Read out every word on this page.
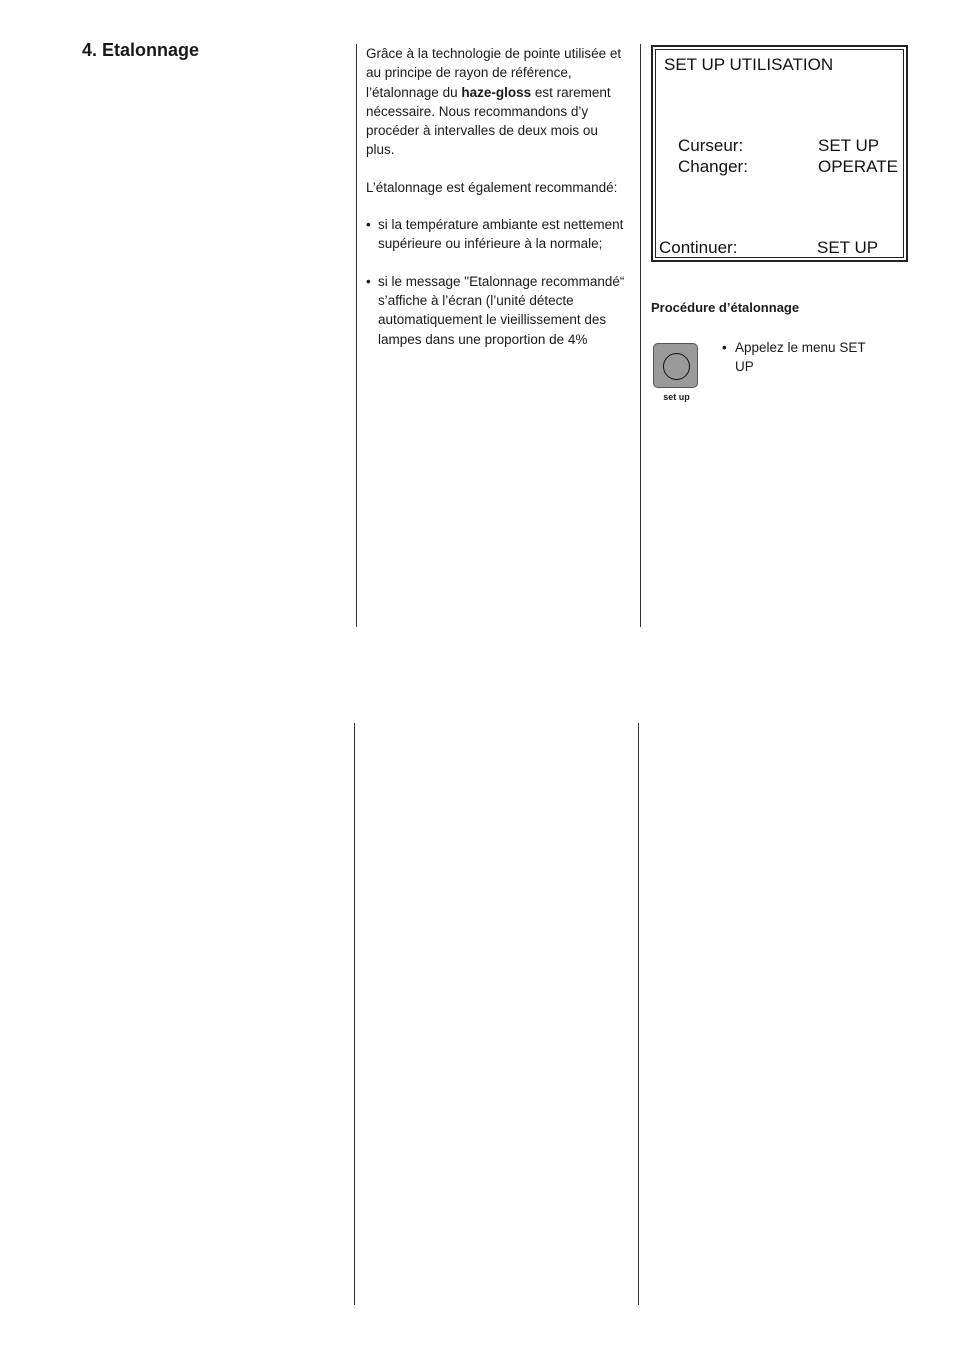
4. Etalonnage	Grâce à la technologie de pointe utilisée et au principe de rayon de référence, l’étalonnage du haze-gloss est rarement nécessaire. Nous recommandons d’y procéder à intervalles de deux mois ou plus.

L’étalonnage est également recommandé:

• si la température ambiante est nettement supérieure ou inférieure à la normale;
• si le message "Etalonnage recommandé“ s’affiche à l’écran (l’unité détecte automatiquement le vieillissement des lampes dans une proportion de 4%
SET UP UTILISATION
Curseur:	SET UP
Changer:	OPERATE
Continuer:	SET UP
Procédure d’étalonnage
set up
• Appelez le menu SET UP
